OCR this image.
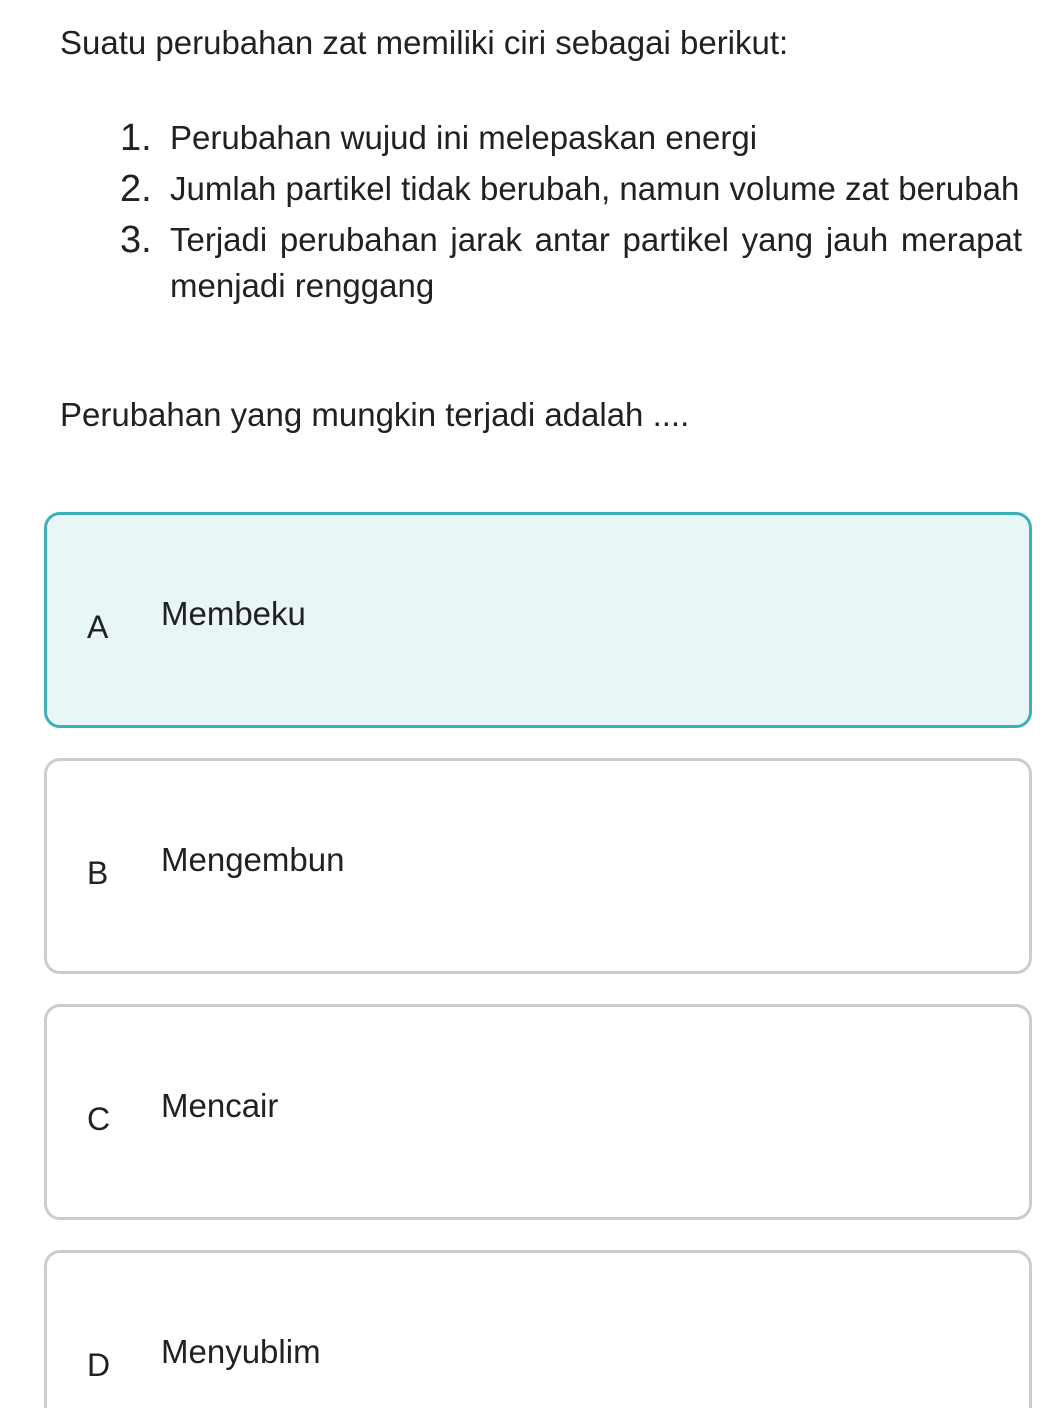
Suatu perubahan zat memiliki ciri sebagai berikut:

1. Perubahan wujud ini melepaskan energi
2. Jumlah partikel tidak berubah, namun volume zat berubah
3. Terjadi perubahan jarak antar partikel yang jauh merapat menjadi renggang

Perubahan yang mungkin terjadi adalah ....

A Membeku
B Mengembun
C Mencair
D Menyublim
